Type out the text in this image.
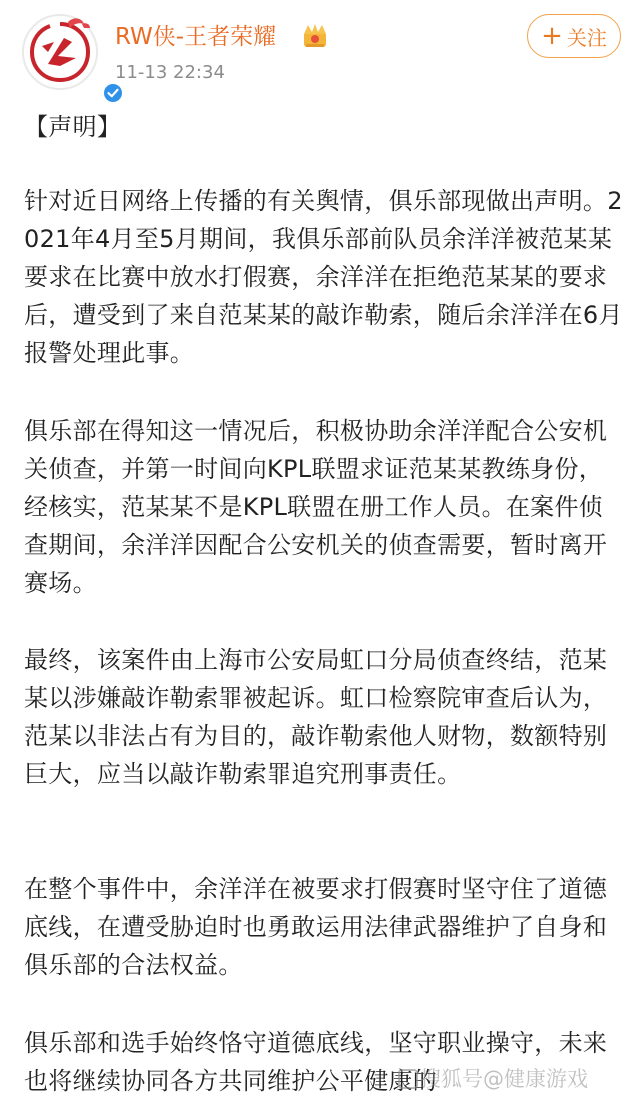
RW侠-王者荣耀
11-13 22:34
+ 关注

【声明】

针对近日网络上传播的有关舆情，俱乐部现做出声明。2021年4月至5月期间，我俱乐部前队员余洋洋被范某某要求在比赛中放水打假赛，余洋洋在拒绝范某某的要求后，遭受到了来自范某某的敲诈勒索，随后余洋洋在6月报警处理此事。

俱乐部在得知这一情况后，积极协助余洋洋配合公安机关侦查，并第一时间向KPL联盟求证范某某教练身份，经核实，范某某不是KPL联盟在册工作人员。在案件侦查期间，余洋洋因配合公安机关的侦查需要，暂时离开赛场。

最终，该案件由上海市公安局虹口分局侦查终结，范某某以涉嫌敲诈勒索罪被起诉。虹口检察院审查后认为，范某以非法占有为目的，敲诈勒索他人财物，数额特别巨大，应当以敲诈勒索罪追究刑事责任。

在整个事件中，余洋洋在被要求打假赛时坚守住了道德底线，在遭受胁迫时也勇敢运用法律武器维护了自身和俱乐部的合法权益。

俱乐部和选手始终恪守道德底线，坚守职业操守，未来也将继续协同各方共同维护公平健康的

搜狐号@健康游戏
